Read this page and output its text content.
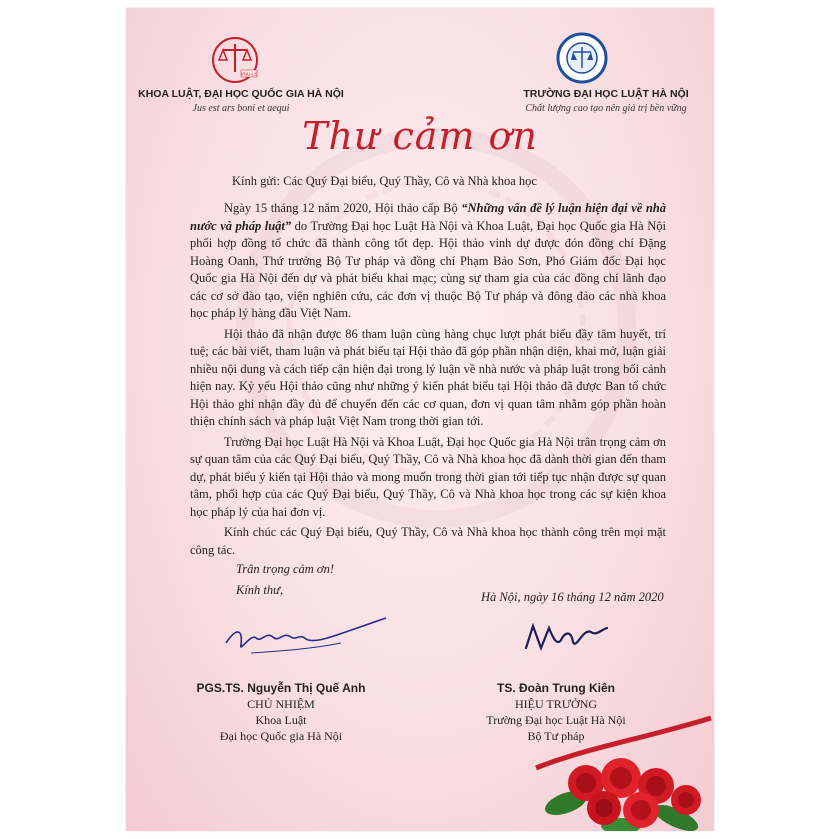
VNU-LS
KHOA LUẬT, ĐẠI HỌC QUỐC GIA HÀ NỘI
Jus est ars boni et aequi
TRƯỜNG ĐẠI HỌC LUẬT HÀ NỘI
Chất lượng cao tạo nên giá trị bền vững
Thư cảm ơn
Kính gửi: Các Quý Đại biểu, Quý Thầy, Cô và Nhà khoa học

Ngày 15 tháng 12 năm 2020, Hội thảo cấp Bộ “Những vấn đề lý luận hiện đại về nhà nước và pháp luật” do Trường Đại học Luật Hà Nội và Khoa Luật, Đại học Quốc gia Hà Nội phối hợp đồng tổ chức đã thành công tốt đẹp. Hội thảo vinh dự được đón đồng chí Đặng Hoàng Oanh, Thứ trưởng Bộ Tư pháp và đồng chí Phạm Bảo Sơn, Phó Giám đốc Đại học Quốc gia Hà Nội đến dự và phát biểu khai mạc; cùng sự tham gia của các đồng chí lãnh đạo các cơ sở đào tạo, viện nghiên cứu, các đơn vị thuộc Bộ Tư pháp và đông đảo các nhà khoa học pháp lý hàng đầu Việt Nam.

Hội thảo đã nhận được 86 tham luận cùng hàng chục lượt phát biểu đầy tâm huyết, trí tuệ; các bài viết, tham luận và phát biểu tại Hội thảo đã góp phần nhận diện, khai mở, luận giải nhiều nội dung và cách tiếp cận hiện đại trong lý luận về nhà nước và pháp luật trong bối cảnh hiện nay. Kỷ yếu Hội thảo cũng như những ý kiến phát biểu tại Hội thảo đã được Ban tổ chức Hội thảo ghi nhận đầy đủ để chuyển đến các cơ quan, đơn vị quan tâm nhằm góp phần hoàn thiện chính sách và pháp luật Việt Nam trong thời gian tới.

Trường Đại học Luật Hà Nội và Khoa Luật, Đại học Quốc gia Hà Nội trân trọng cảm ơn sự quan tâm của các Quý Đại biểu, Quý Thầy, Cô và Nhà khoa học đã dành thời gian đến tham dự, phát biểu ý kiến tại Hội thảo và mong muốn trong thời gian tới tiếp tục nhận được sự quan tâm, phối hợp của các Quý Đại biểu, Quý Thầy, Cô và Nhà khoa học trong các sự kiện khoa học pháp lý của hai đơn vị.

Kính chúc các Quý Đại biểu, Quý Thầy, Cô và Nhà khoa học thành công trên mọi mặt công tác.

Trân trọng cảm ơn!
Kính thư,	Hà Nội, ngày 16 tháng 12 năm 2020
PGS.TS. Nguyễn Thị Quế Anh
CHỦ NHIỆM
Khoa Luật
Đại học Quốc gia Hà Nội
TS. Đoàn Trung Kiên
HIỆU TRƯỞNG
Trường Đại học Luật Hà Nội
Bộ Tư pháp
